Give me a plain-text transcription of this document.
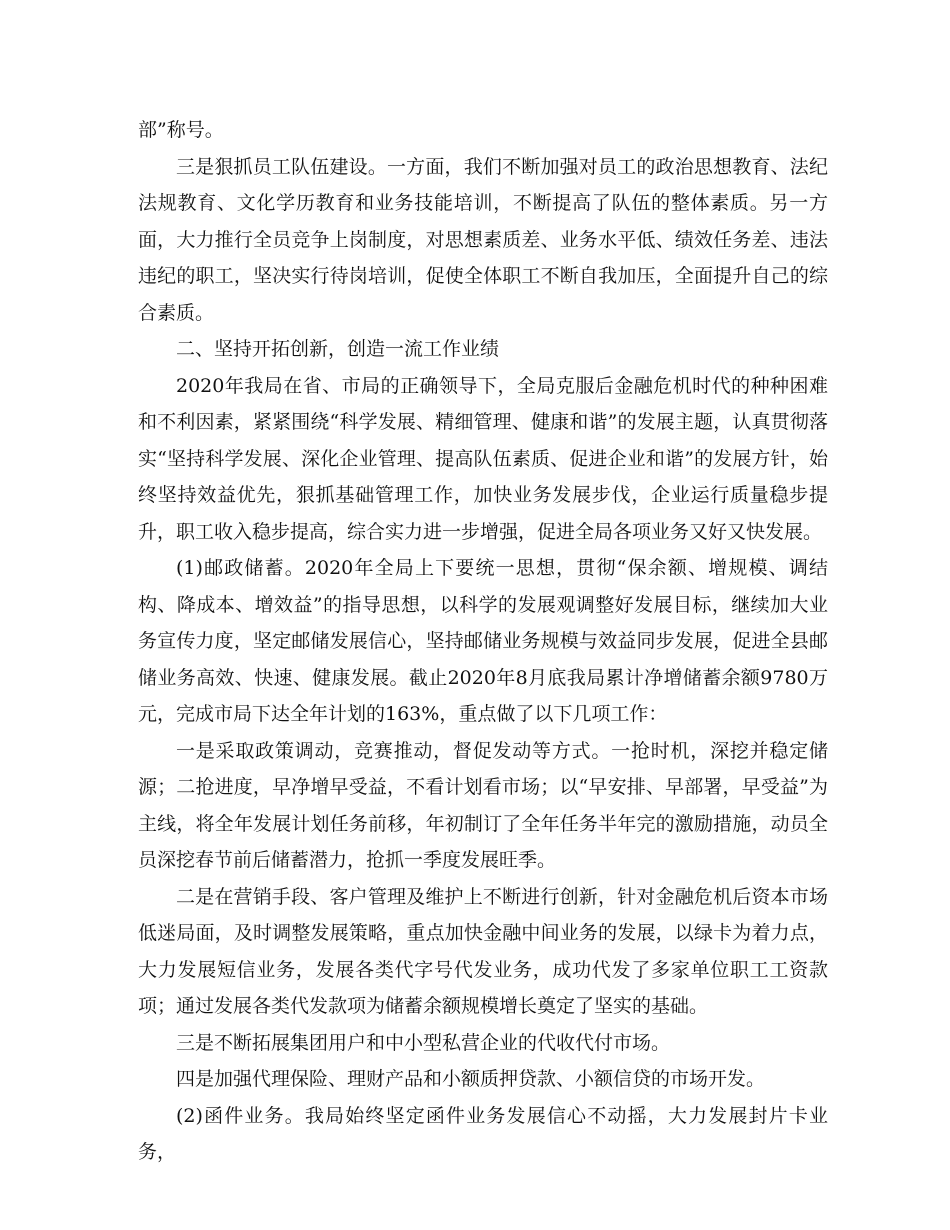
部”称号。

三是狠抓员工队伍建设。一方面，我们不断加强对员工的政治思想教育、法纪法规教育、文化学历教育和业务技能培训，不断提高了队伍的整体素质。另一方面，大力推行全员竞争上岗制度，对思想素质差、业务水平低、绩效任务差、违法违纪的职工，坚决实行待岗培训，促使全体职工不断自我加压，全面提升自己的综合素质。

二、坚持开拓创新，创造一流工作业绩

2020年我局在省、市局的正确领导下，全局克服后金融危机时代的种种困难和不利因素，紧紧围绕“科学发展、精细管理、健康和谐”的发展主题，认真贯彻落实“坚持科学发展、深化企业管理、提高队伍素质、促进企业和谐”的发展方针，始终坚持效益优先，狠抓基础管理工作，加快业务发展步伐，企业运行质量稳步提升，职工收入稳步提高，综合实力进一步增强，促进全局各项业务又好又快发展。

(1)邮政储蓄。2020年全局上下要统一思想，贯彻“保余额、增规模、调结构、降成本、增效益”的指导思想，以科学的发展观调整好发展目标，继续加大业务宣传力度，坚定邮储发展信心，坚持邮储业务规模与效益同步发展，促进全县邮储业务高效、快速、健康发展。截止2020年8月底我局累计净增储蓄余额9780万元，完成市局下达全年计划的163%，重点做了以下几项工作：

一是采取政策调动，竞赛推动，督促发动等方式。一抢时机，深挖并稳定储源；二抢进度，早净增早受益，不看计划看市场；以“早安排、早部署，早受益”为主线，将全年发展计划任务前移，年初制订了全年任务半年完的激励措施，动员全员深挖春节前后储蓄潜力，抢抓一季度发展旺季。

二是在营销手段、客户管理及维护上不断进行创新，针对金融危机后资本市场低迷局面，及时调整发展策略，重点加快金融中间业务的发展，以绿卡为着力点，大力发展短信业务，发展各类代字号代发业务，成功代发了多家单位职工工资款项；通过发展各类代发款项为储蓄余额规模增长奠定了坚实的基础。

三是不断拓展集团用户和中小型私营企业的代收代付市场。

四是加强代理保险、理财产品和小额质押贷款、小额信贷的市场开发。

(2)函件业务。我局始终坚定函件业务发展信心不动摇，大力发展封片卡业务，
